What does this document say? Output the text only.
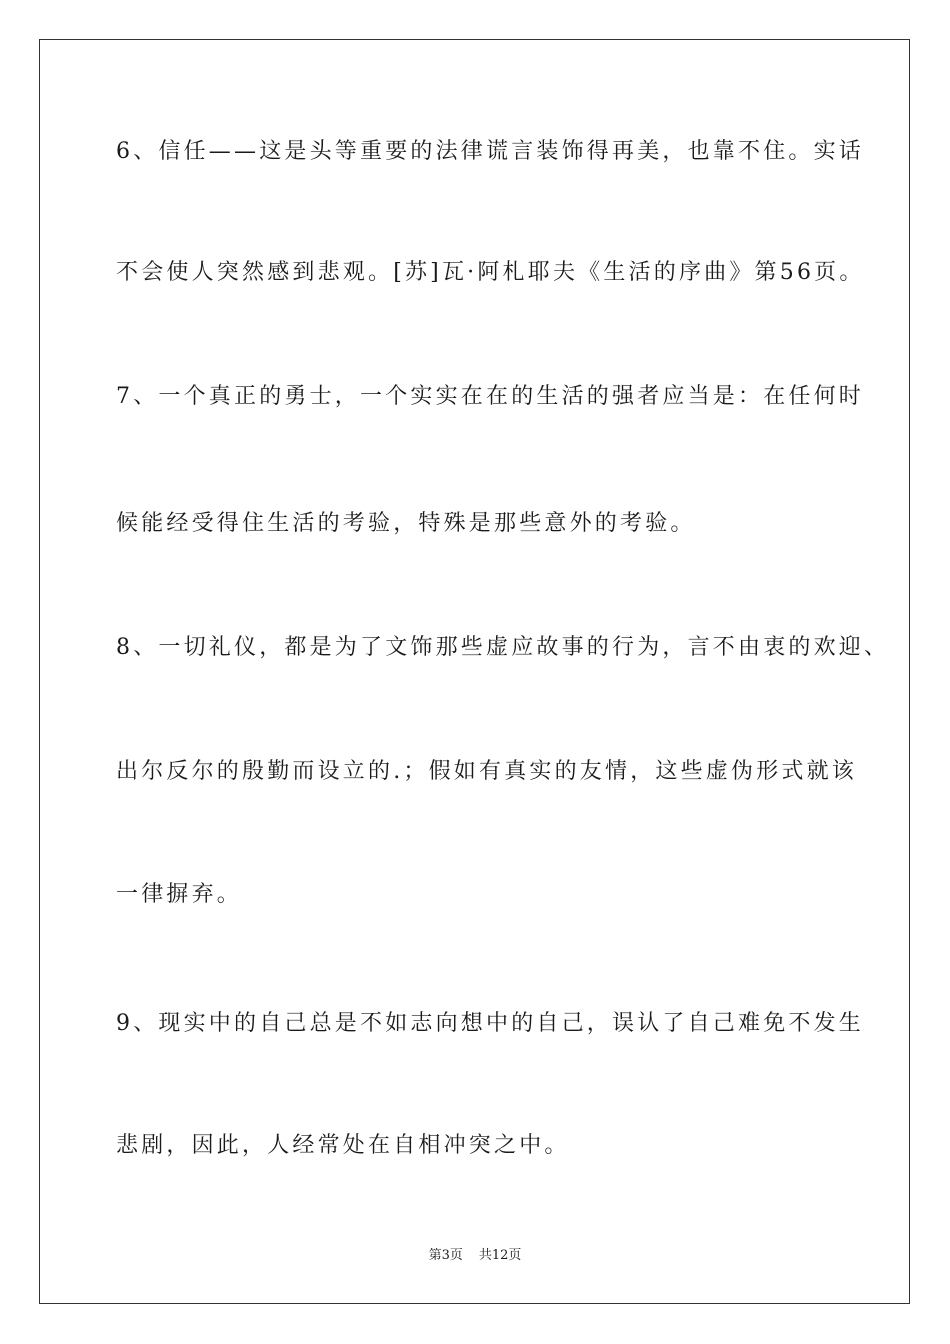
6、信任——这是头等重要的法律谎言装饰得再美，也靠不住。实话
不会使人突然感到悲观。[苏]瓦·阿札耶夫《生活的序曲》第56页。
7、一个真正的勇士，一个实实在在的生活的强者应当是：在任何时
候能经受得住生活的考验，特殊是那些意外的考验。
8、一切礼仪，都是为了文饰那些虚应故事的行为，言不由衷的欢迎、
出尔反尔的殷勤而设立的.；假如有真实的友情，这些虚伪形式就该
一律摒弃。
9、现实中的自己总是不如志向想中的自己，误认了自己难免不发生
悲剧，因此，人经常处在自相冲突之中。
第3页 共12页
